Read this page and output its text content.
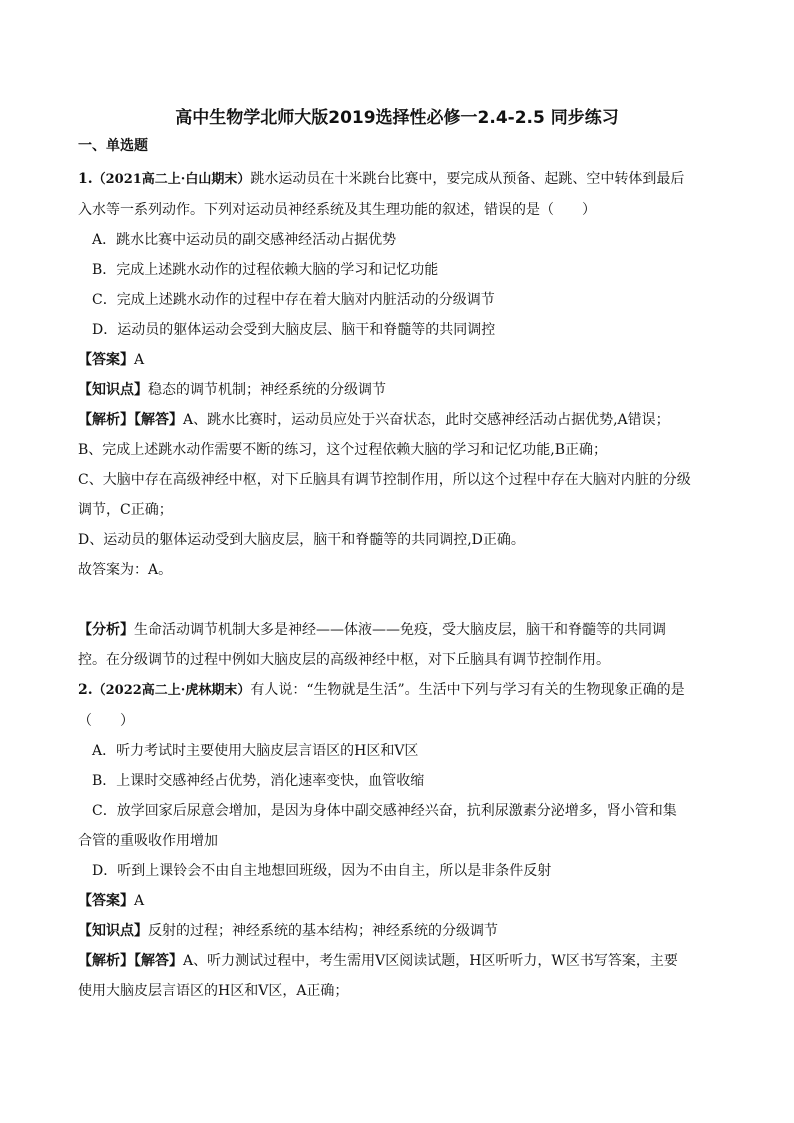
高中生物学北师大版2019选择性必修一2.4-2.5 同步练习
一、单选题

1.（2021高二上·白山期末）跳水运动员在十米跳台比赛中，要完成从预备、起跳、空中转体到最后

入水等一系列动作。下列对运动员神经系统及其生理功能的叙述，错误的是（　　）

A．跳水比赛中运动员的副交感神经活动占据优势

B．完成上述跳水动作的过程依赖大脑的学习和记忆功能

C．完成上述跳水动作的过程中存在着大脑对内脏活动的分级调节

D．运动员的躯体运动会受到大脑皮层、脑干和脊髓等的共同调控

【答案】A

【知识点】稳态的调节机制；神经系统的分级调节

【解析】【解答】A、跳水比赛时，运动员应处于兴奋状态，此时交感神经活动占据优势,A错误；

B、完成上述跳水动作需要不断的练习，这个过程依赖大脑的学习和记忆功能,B正确；

C、大脑中存在高级神经中枢，对下丘脑具有调节控制作用，所以这个过程中存在大脑对内脏的分级

调节，C正确；

D、运动员的躯体运动受到大脑皮层，脑干和脊髓等的共同调控,D正确。

故答案为：A。

【分析】生命活动调节机制大多是神经——体液——免疫，受大脑皮层，脑干和脊髓等的共同调

控。在分级调节的过程中例如大脑皮层的高级神经中枢，对下丘脑具有调节控制作用。

2.（2022高二上·虎林期末）有人说：“生物就是生活”。生活中下列与学习有关的生物现象正确的是

（　　）

A．听力考试时主要使用大脑皮层言语区的H区和V区

B．上课时交感神经占优势，消化速率变快，血管收缩

C．放学回家后尿意会增加，是因为身体中副交感神经兴奋，抗利尿激素分泌增多，肾小管和集

合管的重吸收作用增加

D．听到上课铃会不由自主地想回班级，因为不由自主，所以是非条件反射

【答案】A

【知识点】反射的过程；神经系统的基本结构；神经系统的分级调节

【解析】【解答】A、听力测试过程中，考生需用V区阅读试题，H区听听力，W区书写答案，主要

使用大脑皮层言语区的H区和V区，A正确；
